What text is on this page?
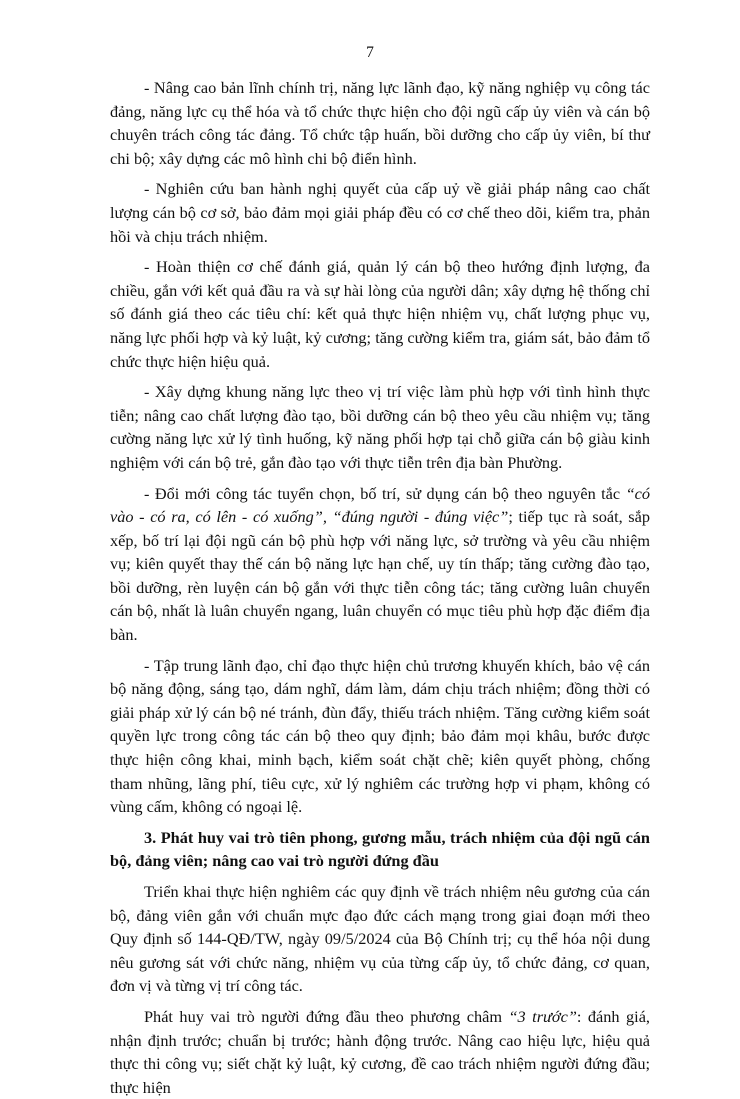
7

- Nâng cao bản lĩnh chính trị, năng lực lãnh đạo, kỹ năng nghiệp vụ công tác đảng, năng lực cụ thể hóa và tổ chức thực hiện cho đội ngũ cấp ủy viên và cán bộ chuyên trách công tác đảng. Tổ chức tập huấn, bồi dưỡng cho cấp ủy viên, bí thư chi bộ; xây dựng các mô hình chi bộ điển hình.

- Nghiên cứu ban hành nghị quyết của cấp uỷ về giải pháp nâng cao chất lượng cán bộ cơ sở, bảo đảm mọi giải pháp đều có cơ chế theo dõi, kiểm tra, phản hồi và chịu trách nhiệm.

- Hoàn thiện cơ chế đánh giá, quản lý cán bộ theo hướng định lượng, đa chiều, gắn với kết quả đầu ra và sự hài lòng của người dân; xây dựng hệ thống chỉ số đánh giá theo các tiêu chí: kết quả thực hiện nhiệm vụ, chất lượng phục vụ, năng lực phối hợp và kỷ luật, kỷ cương; tăng cường kiểm tra, giám sát, bảo đảm tổ chức thực hiện hiệu quả.

- Xây dựng khung năng lực theo vị trí việc làm phù hợp với tình hình thực tiễn; nâng cao chất lượng đào tạo, bồi dưỡng cán bộ theo yêu cầu nhiệm vụ; tăng cường năng lực xử lý tình huống, kỹ năng phối hợp tại chỗ giữa cán bộ giàu kinh nghiệm với cán bộ trẻ, gắn đào tạo với thực tiễn trên địa bàn Phường.

- Đổi mới công tác tuyển chọn, bố trí, sử dụng cán bộ theo nguyên tắc “có vào - có ra, có lên - có xuống”, “đúng người - đúng việc”; tiếp tục rà soát, sắp xếp, bố trí lại đội ngũ cán bộ phù hợp với năng lực, sở trường và yêu cầu nhiệm vụ; kiên quyết thay thế cán bộ năng lực hạn chế, uy tín thấp; tăng cường đào tạo, bồi dưỡng, rèn luyện cán bộ gắn với thực tiễn công tác; tăng cường luân chuyển cán bộ, nhất là luân chuyển ngang, luân chuyển có mục tiêu phù hợp đặc điểm địa bàn.

- Tập trung lãnh đạo, chỉ đạo thực hiện chủ trương khuyến khích, bảo vệ cán bộ năng động, sáng tạo, dám nghĩ, dám làm, dám chịu trách nhiệm; đồng thời có giải pháp xử lý cán bộ né tránh, đùn đẩy, thiếu trách nhiệm. Tăng cường kiểm soát quyền lực trong công tác cán bộ theo quy định; bảo đảm mọi khâu, bước được thực hiện công khai, minh bạch, kiểm soát chặt chẽ; kiên quyết phòng, chống tham nhũng, lãng phí, tiêu cực, xử lý nghiêm các trường hợp vi phạm, không có vùng cấm, không có ngoại lệ.

3. Phát huy vai trò tiên phong, gương mẫu, trách nhiệm của đội ngũ cán bộ, đảng viên; nâng cao vai trò người đứng đầu

Triển khai thực hiện nghiêm các quy định về trách nhiệm nêu gương của cán bộ, đảng viên gắn với chuẩn mực đạo đức cách mạng trong giai đoạn mới theo Quy định số 144-QĐ/TW, ngày 09/5/2024 của Bộ Chính trị; cụ thể hóa nội dung nêu gương sát với chức năng, nhiệm vụ của từng cấp ủy, tổ chức đảng, cơ quan, đơn vị và từng vị trí công tác.

Phát huy vai trò người đứng đầu theo phương châm “3 trước”: đánh giá, nhận định trước; chuẩn bị trước; hành động trước. Nâng cao hiệu lực, hiệu quả thực thi công vụ; siết chặt kỷ luật, kỷ cương, đề cao trách nhiệm người đứng đầu; thực hiện
